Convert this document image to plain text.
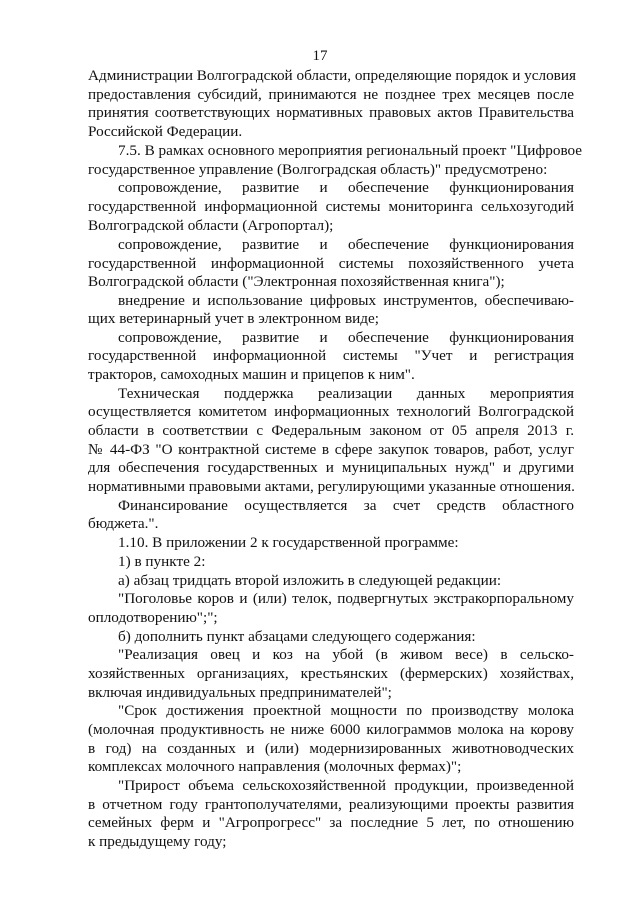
17
Администрации Волгоградской области, определяющие порядок и условия
предоставления субсидий, принимаются не позднее трех месяцев после
принятия соответствующих нормативных правовых актов Правительства
Российской Федерации.
7.5. В рамках основного мероприятия региональный проект "Цифровое
государственное управление (Волгоградская область)" предусмотрено:
сопровождение, развитие и обеспечение функционирования
государственной информационной системы мониторинга сельхозугодий
Волгоградской области (Агропортал);
сопровождение, развитие и обеспечение функционирования
государственной информационной системы похозяйственного учета
Волгоградской области ("Электронная похозяйственная книга");
внедрение и использование цифровых инструментов, обеспечиваю-
щих ветеринарный учет в электронном виде;
сопровождение, развитие и обеспечение функционирования
государственной информационной системы "Учет и регистрация
тракторов, самоходных машин и прицепов к ним".
Техническая поддержка реализации данных мероприятия
осуществляется комитетом информационных технологий Волгоградской
области в соответствии с Федеральным законом от 05 апреля 2013 г.
№ 44-ФЗ "О контрактной системе в сфере закупок товаров, работ, услуг
для обеспечения государственных и муниципальных нужд" и другими
нормативными правовыми актами, регулирующими указанные отношения.
Финансирование осуществляется за счет средств областного
бюджета.".
1.10. В приложении 2 к государственной программе:
1) в пункте 2:
а) абзац тридцать второй изложить в следующей редакции:
"Поголовье коров и (или) телок, подвергнутых экстракорпоральному
оплодотворению";";
б) дополнить пункт абзацами следующего содержания:
"Реализация овец и коз на убой (в живом весе) в сельско-
хозяйственных организациях, крестьянских (фермерских) хозяйствах,
включая индивидуальных предпринимателей";
"Срок достижения проектной мощности по производству молока
(молочная продуктивность не ниже 6000 килограммов молока на корову
в год) на созданных и (или) модернизированных животноводческих
комплексах молочного направления (молочных фермах)";
"Прирост объема сельскохозяйственной продукции, произведенной
в отчетном году грантополучателями, реализующими проекты развития
семейных ферм и "Агропрогресс" за последние 5 лет, по отношению
к предыдущему году;
